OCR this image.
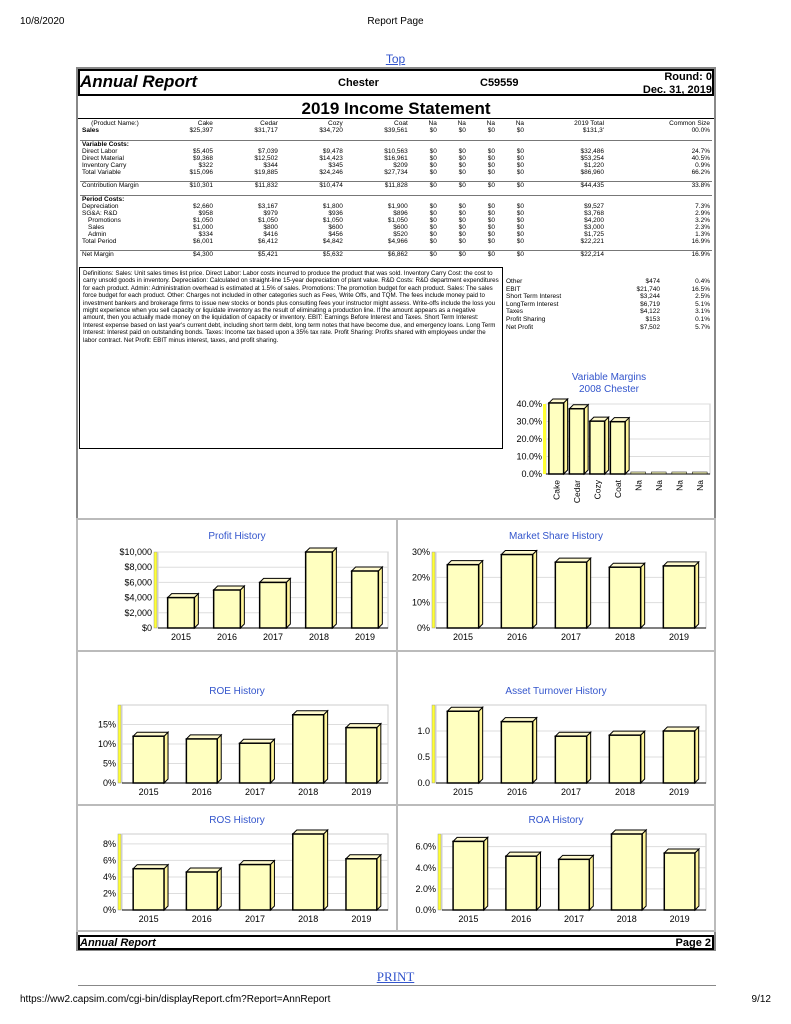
10/8/2020	Report Page
Top
Annual Report	Chester	C59559	Round: 0
Dec. 31, 2019
2019 Income Statement
(Product Name:)	Cake	Cedar	Cozy	Coat	Na	Na	Na	Na	2019 Total	Common Size
Sales	$25,397	$31,717	$34,720	$39,561	$0	$0	$0	$0	$131,3'	00.0%

Variable Costs:										
Direct Labor	$5,405	$7,039	$9,478	$10,563	$0	$0	$0	$0	$32,486	24.7%
Direct Material	$9,368	$12,502	$14,423	$16,961	$0	$0	$0	$0	$53,254	40.5%
Inventory Carry	$322	$344	$345	$209	$0	$0	$0	$0	$1,220	0.9%
Total Variable	$15,096	$19,885	$24,246	$27,734	$0	$0	$0	$0	$86,960	66.2%

Contribution Margin	$10,301	$11,832	$10,474	$11,828	$0	$0	$0	$0	$44,435	33.8%

Period Costs:										
Depreciation	$2,660	$3,167	$1,800	$1,900	$0	$0	$0	$0	$9,527	7.3%
SG&A: R&D	$958	$979	$936	$896	$0	$0	$0	$0	$3,768	2.9%
Promotions	$1,050	$1,050	$1,050	$1,050	$0	$0	$0	$0	$4,200	3.2%
Sales	$1,000	$800	$600	$600	$0	$0	$0	$0	$3,000	2.3%
Admin	$334	$416	$456	$520	$0	$0	$0	$0	$1,725	1.3%
Total Period	$6,001	$6,412	$4,842	$4,966	$0	$0	$0	$0	$22,221	16.9%

Net Margin	$4,300	$5,421	$5,632	$6,862	$0	$0	$0	$0	$22,214	16.9%
Definitions: Sales: Unit sales times list price. Direct Labor: Labor costs incurred to produce the product that was sold. Inventory Carry Cost: the cost to carry unsold goods in inventory. Depreciation: Calculated on straight-line 15-year depreciation of plant value. R&D Costs: R&D department expenditures for each product. Admin: Administration overhead is estimated at 1.5% of sales. Promotions: The promotion budget for each product. Sales: The sales force budget for each product. Other: Charges not included in other categories such as Fees, Write Offs, and TQM. The fees include money paid to investment bankers and brokerage firms to issue new stocks or bonds plus consulting fees your instructor might assess. Write-offs include the loss you might experience when you sell capacity or liquidate inventory as the result of eliminating a production line. If the amount appears as a negative amount, then you actually made money on the liquidation of capacity or inventory. EBIT: Earnings Before Interest and Taxes. Short Term Interest: Interest expense based on last year's current debt, including short term debt, long term notes that have become due, and emergency loans. Long Term Interest: Interest paid on outstanding bonds. Taxes: Income tax based upon a 35% tax rate. Profit Sharing: Profits shared with employees under the labor contract. Net Profit: EBIT minus interest, taxes, and profit sharing.
Other	$474	0.4%
EBIT	$21,740	16.5%
Short Term Interest	$3,244	2.5%
LongTerm Interest	$6,719	5.1%
Taxes	$4,122	3.1%
Profit Sharing	$153	0.1%
Net Profit	$7,502	5.7%
Variable Margins
2008 Chester
0.0%
10.0%
20.0%
30.0%
40.0%
Cake Cedar Cozy Coat Na Na Na Na
Profit History
$0
$2,000
$4,000
$6,000
$8,000
$10,000
2015	2016	2017	2018	2019
Market Share History
0%
10%
20%
30%
2015	2016	2017	2018	2019
ROE History
0%
5%
10%
15%
2015	2016	2017	2018	2019
Asset Turnover History
0.0
0.5
1.0
2015	2016	2017	2018	2019
ROS History
0%
2%
4%
6%
8%
2015	2016	2017	2018	2019
ROA History
0.0%
2.0%
4.0%
6.0%
2015	2016	2017	2018	2019
Annual Report	Page 2
PRINT
https://ww2.capsim.com/cgi-bin/displayReport.cfm?Report=AnnReport	9/12
